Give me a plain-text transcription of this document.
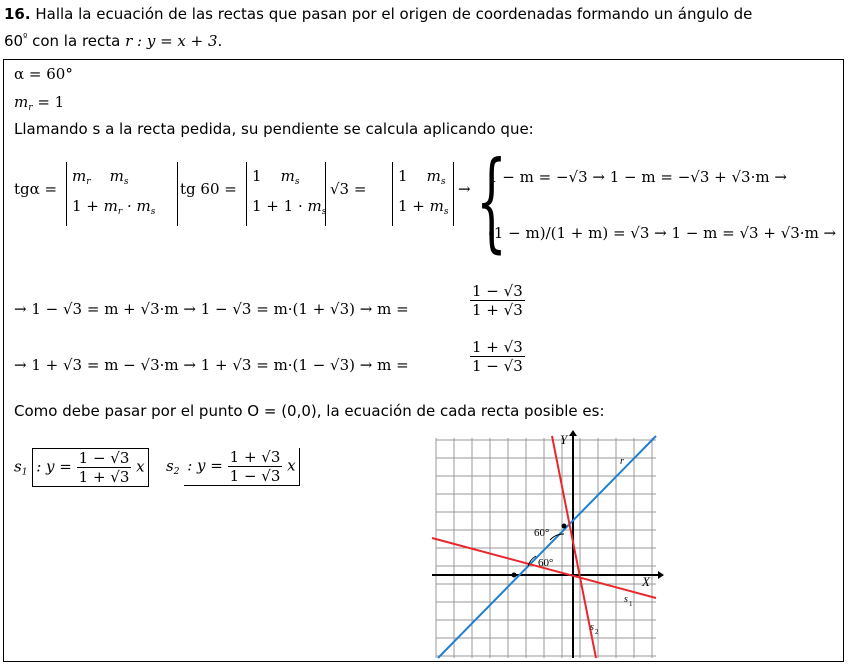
16. Halla la ecuación de las rectas que pasan por el origen de coordenadas formando un ángulo de
$60^º$ con la recta r : y = x + 3.
α = 60°
$m_r = 1$
Llamando s a la recta pedida, su pendiente se calcula aplicando que:
tgα =
$m_r$    $m_s$
$1 + m_r \cdot m_s$
tg 60 =
1    $m_s$
$1 + 1 \cdot m_s$
√3 =
1    $m_s$
$1 + m_s$
→ {
1 − m = −√3 → 1 − m = −√3 + √3·m →
(1 − m)/(1 + m) = √3 → 1 − m = √3 + √3·m →
→ 1 − √3 = m + √3·m → 1 − √3 = m·(1 + √3) → m =	$\frac{1 - √3}{1 + √3}$
→ 1 + √3 = m − √3·m → 1 + √3 = m·(1 − √3) → m =	$\frac{1 + √3}{1 - √3}$
Como debe pasar por el punto O = (0,0), la ecuación de cada recta posible es:
$s_1$ : $y = \frac{1 - √3}{1 + √3}$ x $s_2$ : $y = \frac{1 + √3}{1 - √3}$ x
Y
X
r
s 1
s 2
60°
60°
